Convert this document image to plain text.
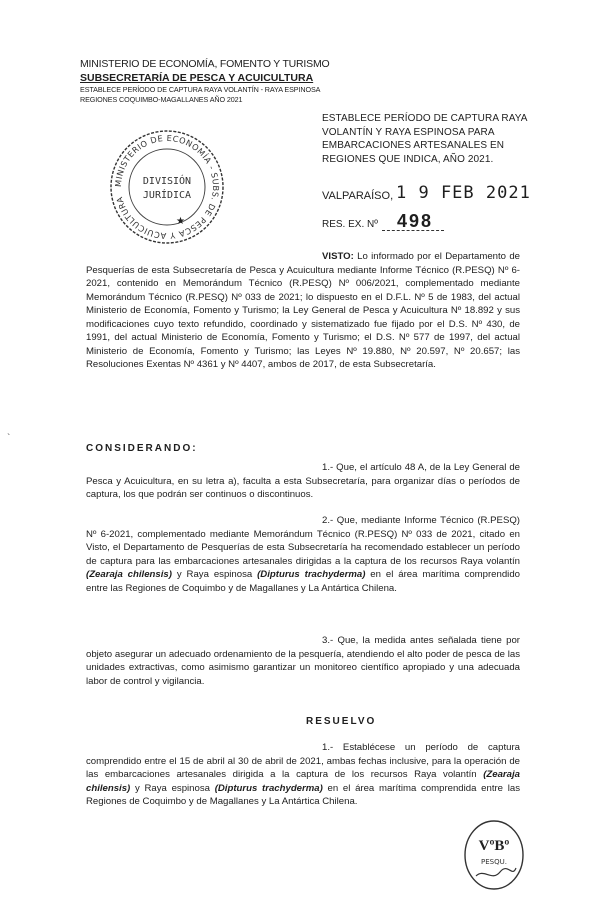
`
MINISTERIO DE ECONOMÍA, FOMENTO Y TURISMO
SUBSECRETARÍA DE PESCA Y ACUICULTURA
ESTABLECE PERÍODO DE CAPTURA RAYA VOLANTÍN - RAYA ESPINOSA
REGIONES COQUIMBO-MAGALLANES AÑO 2021
ESTABLECE PERÍODO DE CAPTURA RAYA VOLANTÍN Y RAYA ESPINOSA PARA EMBARCACIONES ARTESANALES EN REGIONES QUE INDICA, AÑO 2021.
MINISTERIO DE ECONOMÍA - SUBS. DE PESCA Y ACUICULTURA
DIVISIÓN
JURÍDICA
★
VALPARAÍSO, 1 9 FEB 2021
RES. EX. Nº 498
VISTO: Lo informado por el Departamento de Pesquerías de esta Subsecretaría de Pesca y Acuicultura mediante Informe Técnico (R.PESQ) Nº 6-2021, contenido en Memorándum Técnico (R.PESQ) Nº 006/2021, complementado mediante Memorándum Técnico (R.PESQ) Nº 033 de 2021; lo dispuesto en el D.F.L. Nº 5 de 1983, del actual Ministerio de Economía, Fomento y Turismo; la Ley General de Pesca y Acuicultura Nº 18.892 y sus modificaciones cuyo texto refundido, coordinado y sistematizado fue fijado por el D.S. Nº 430, de 1991, del actual Ministerio de Economía, Fomento y Turismo; el D.S. Nº 577 de 1997, del actual Ministerio de Economía, Fomento y Turismo; las Leyes Nº 19.880, Nº 20.597, Nº 20.657; las Resoluciones Exentas Nº 4361 y Nº 4407, ambos de 2017, de esta Subsecretaría.
CONSIDERANDO:
1.- Que, el artículo 48 A, de la Ley General de Pesca y Acuicultura, en su letra a), faculta a esta Subsecretaría, para organizar días o períodos de captura, los que podrán ser continuos o discontinuos.
2.- Que, mediante Informe Técnico (R.PESQ) Nº 6-2021, complementado mediante Memorándum Técnico (R.PESQ) Nº 033 de 2021, citado en Visto, el Departamento de Pesquerías de esta Subsecretaría ha recomendado establecer un período de captura para las embarcaciones artesanales dirigidas a la captura de los recursos Raya volantín (Zearaja chilensis) y Raya espinosa (Dipturus trachyderma) en el área marítima comprendido entre las Regiones de Coquimbo y de Magallanes y La Antártica Chilena.
3.- Que, la medida antes señalada tiene por objeto asegurar un adecuado ordenamiento de la pesquería, atendiendo el alto poder de pesca de las unidades extractivas, como asimismo garantizar un monitoreo científico apropiado y una adecuada labor de control y vigilancia.
RESUELVO
1.- Establécese un período de captura comprendido entre el 15 de abril al 30 de abril de 2021, ambas fechas inclusive, para la operación de las embarcaciones artesanales dirigida a la captura de los recursos Raya volantín (Zearaja chilensis) y Raya espinosa (Dipturus trachyderma) en el área marítima comprendida entre las Regiones de Coquimbo y de Magallanes y La Antártica Chilena.
VºBº
PESQU.
